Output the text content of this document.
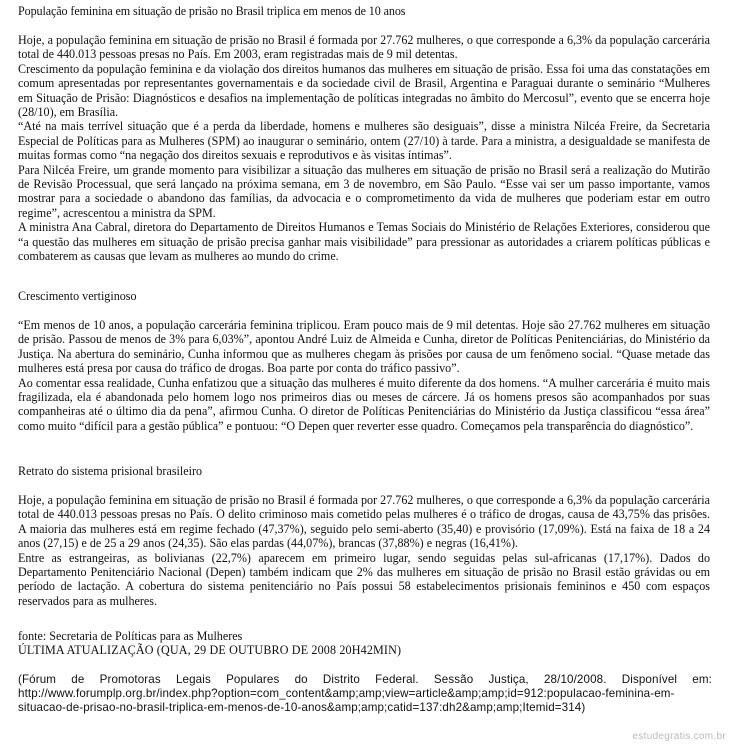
População feminina em situação de prisão no Brasil triplica em menos de 10 anos

Hoje, a população feminina em situação de prisão no Brasil é formada por 27.762 mulheres, o que corresponde a 6,3% da população carcerária total de 440.013 pessoas presas no País. Em 2003, eram registradas mais de 9 mil detentas.

Crescimento da população feminina e da violação dos direitos humanos das mulheres em situação de prisão. Essa foi uma das constatações em comum apresentadas por representantes governamentais e da sociedade civil de Brasil, Argentina e Paraguai durante o seminário “Mulheres em Situação de Prisão: Diagnósticos e desafios na implementação de políticas integradas no âmbito do Mercosul”, evento que se encerra hoje (28/10), em Brasília.

“Até na mais terrível situação que é a perda da liberdade, homens e mulheres são desiguais”, disse a ministra Nilcéa Freire, da Secretaria Especial de Políticas para as Mulheres (SPM) ao inaugurar o seminário, ontem (27/10) à tarde. Para a ministra, a desigualdade se manifesta de muitas formas como “na negação dos direitos sexuais e reprodutivos e às visitas íntimas”.

Para Nilcéa Freire, um grande momento para visibilizar a situação das mulheres em situação de prisão no Brasil será a realização do Mutirão de Revisão Processual, que será lançado na próxima semana, em 3 de novembro, em São Paulo. “Esse vai ser um passo importante, vamos mostrar para a sociedade o abandono das famílias, da advocacia e o comprometimento da vida de mulheres que poderiam estar em outro regime”, acrescentou a ministra da SPM.

A ministra Ana Cabral, diretora do Departamento de Direitos Humanos e Temas Sociais do Ministério de Relações Exteriores, considerou que “a questão das mulheres em situação de prisão precisa ganhar mais visibilidade” para pressionar as autoridades a criarem políticas públicas e combaterem as causas que levam as mulheres ao mundo do crime.

Crescimento vertiginoso

“Em menos de 10 anos, a população carcerária feminina triplicou. Eram pouco mais de 9 mil detentas. Hoje são 27.762 mulheres em situação de prisão. Passou de menos de 3% para 6,03%”, apontou André Luiz de Almeida e Cunha, diretor de Políticas Penitenciárias, do Ministério da Justiça. Na abertura do seminário, Cunha informou que as mulheres chegam às prisões por causa de um fenômeno social. “Quase metade das mulheres está presa por causa do tráfico de drogas. Boa parte por conta do tráfico passivo”.

Ao comentar essa realidade, Cunha enfatizou que a situação das mulheres é muito diferente da dos homens. “A mulher carcerária é muito mais fragilizada, ela é abandonada pelo homem logo nos primeiros dias ou meses de cárcere. Já os homens presos são acompanhados por suas companheiras até o último dia da pena”, afirmou Cunha. O diretor de Políticas Penitenciárias do Ministério da Justiça classificou “essa área” como muito “difícil para a gestão pública” e pontuou: “O Depen quer reverter esse quadro. Começamos pela transparência do diagnóstico”.

Retrato do sistema prisional brasileiro

Hoje, a população feminina em situação de prisão no Brasil é formada por 27.762 mulheres, o que corresponde a 6,3% da população carcerária total de 440.013 pessoas presas no País. O delito criminoso mais cometido pelas mulheres é o tráfico de drogas, causa de 43,75% das prisões. A maioria das mulheres está em regime fechado (47,37%), seguido pelo semi-aberto (35,40) e provisório (17,09%). Está na faixa de 18 a 24 anos (27,15) e de 25 a 29 anos (24,35). São elas pardas (44,07%), brancas (37,88%) e negras (16,41%).

Entre as estrangeiras, as bolivianas (22,7%) aparecem em primeiro lugar, sendo seguidas pelas sul-africanas (17,17%). Dados do Departamento Penitenciário Nacional (Depen) também indicam que 2% das mulheres em situação de prisão no Brasil estão grávidas ou em período de lactação. A cobertura do sistema penitenciário no País possui 58 estabelecimentos prisionais femininos e 450 com espaços reservados para as mulheres.

fonte: Secretaria de Políticas para as Mulheres
ÚLTIMA ATUALIZAÇÃO (QUA, 29 DE OUTUBRO DE 2008 20H42MIN)

(Fórum de Promotoras Legais Populares do Distrito Federal. Sessão Justiça, 28/10/2008. Disponível em: http://www.forumplp.org.br/index.php?option=com_content&amp;amp;view=article&amp;amp;id=912:populacao-feminina-em-situacao-de-prisao-no-brasil-triplica-em-menos-de-10-anos&amp;amp;catid=137:dh2&amp;amp;Itemid=314)

estudegratis.com.br
